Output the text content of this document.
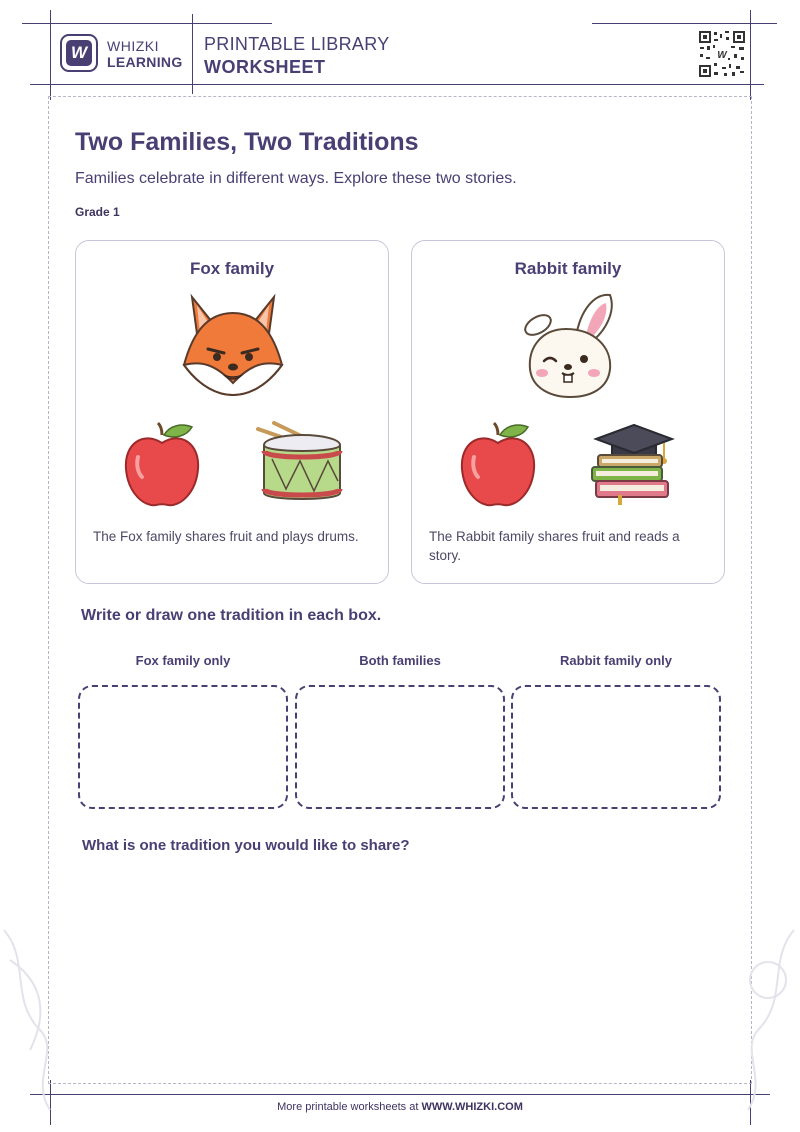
W	WHIZKI
LEARNING
PRINTABLE LIBRARY
WORKSHEET
W
Two Families, Two Traditions
Families celebrate in different ways. Explore these two stories.
Grade 1
Fox family
The Fox family shares fruit and plays drums.
Rabbit family
The Rabbit family shares fruit and reads a story.
Write or draw one tradition in each box.
Fox family only	Both families	Rabbit family only
What is one tradition you would like to share?
More printable worksheets at WWW.WHIZKI.COM
